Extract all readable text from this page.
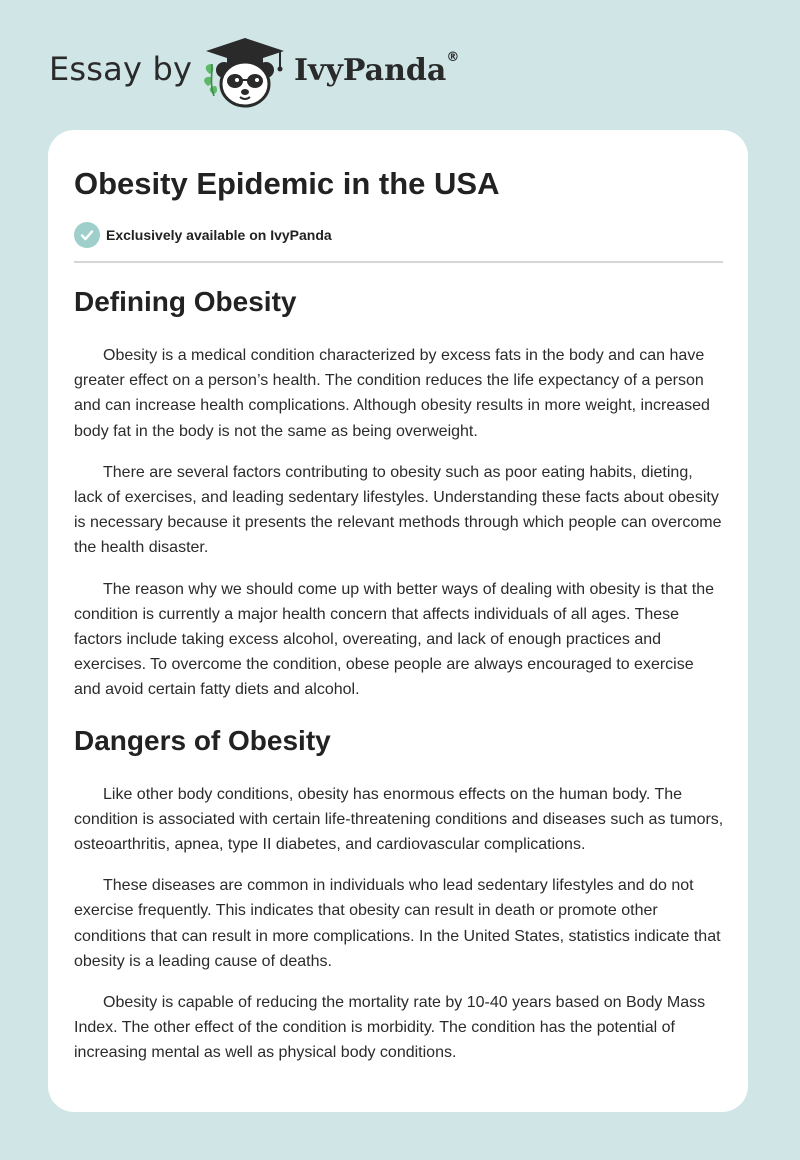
Essay by	IvyPanda®
Obesity Epidemic in the USA
Exclusively available on IvyPanda
Defining Obesity

Obesity is a medical condition characterized by excess fats in the body and can have greater effect on a person’s health. The condition reduces the life expectancy of a person and can increase health complications. Although obesity results in more weight, increased body fat in the body is not the same as being overweight.

There are several factors contributing to obesity such as poor eating habits, dieting, lack of exercises, and leading sedentary lifestyles. Understanding these facts about obesity is necessary because it presents the relevant methods through which people can overcome the health disaster.

The reason why we should come up with better ways of dealing with obesity is that the condition is currently a major health concern that affects individuals of all ages. These factors include taking excess alcohol, overeating, and lack of enough practices and exercises. To overcome the condition, obese people are always encouraged to exercise and avoid certain fatty diets and alcohol.

Dangers of Obesity

Like other body conditions, obesity has enormous effects on the human body. The condition is associated with certain life-threatening conditions and diseases such as tumors, osteoarthritis, apnea, type II diabetes, and cardiovascular complications.

These diseases are common in individuals who lead sedentary lifestyles and do not exercise frequently. This indicates that obesity can result in death or promote other conditions that can result in more complications. In the United States, statistics indicate that obesity is a leading cause of deaths.

Obesity is capable of reducing the mortality rate by 10-40 years based on Body Mass Index. The other effect of the condition is morbidity. The condition has the potential of increasing mental as well as physical body conditions.
